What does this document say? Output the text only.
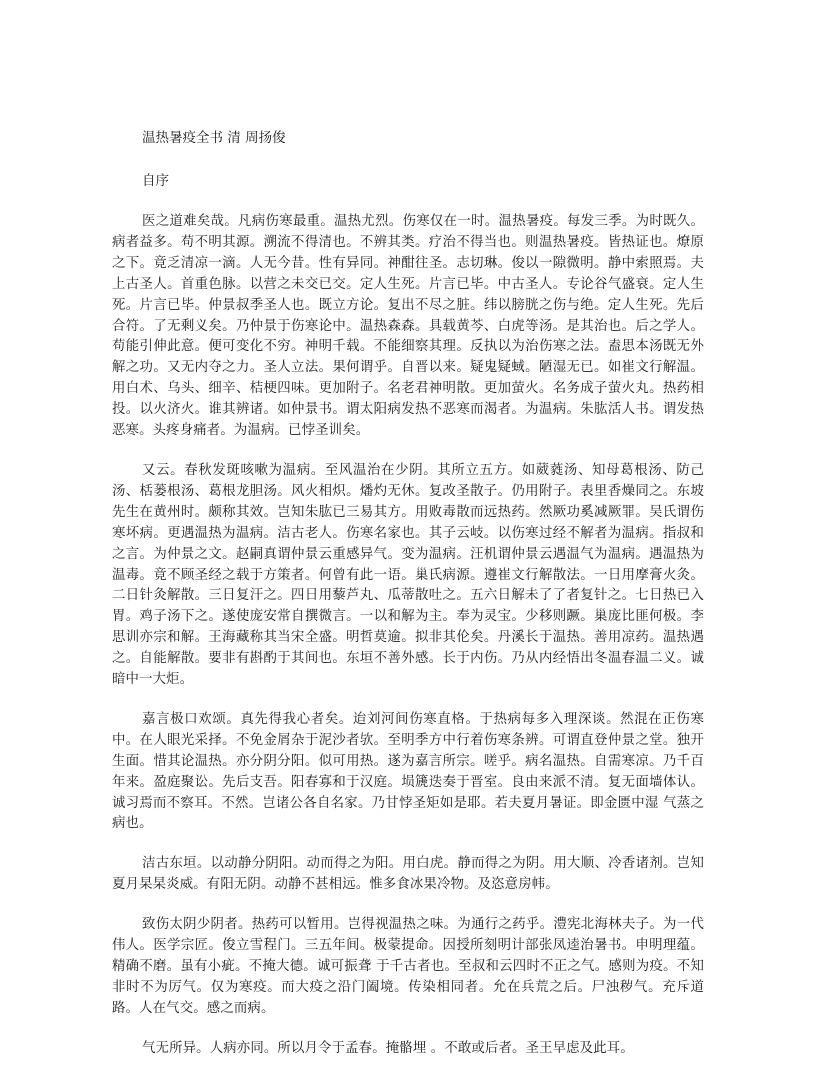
温热暑疫全书 清 周扬俊

自序

医之道难矣哉。凡病伤寒最重。温热尤烈。伤寒仅在一时。温热暑疫。每发三季。为时既久。病者益多。苟不明其源。溯流不得清也。不辨其类。疗治不得当也。则温热暑疫。皆热证也。燎原之下。竟乏清凉一滴。人无今昔。性有异同。神酣往圣。志切琳。俊以一隙微明。静中索照焉。夫上古圣人。首重色脉。以营之未交已交。定人生死。片言已毕。中古圣人。专论谷气盛衰。定人生死。片言已毕。仲景叔季圣人也。既立方论。复出不尽之脏。纬以膀胱之伤与绝。定人生死。先后合符。了无剩义矣。乃仲景于伤寒论中。温热森森。具载黄芩、白虎等汤。是其治也。后之学人。苟能引伸此意。便可变化不穷。神明千载。不能细察其理。反执以为治伤寒之法。盍思本汤既无外解之功。又无内夺之力。圣人立法。果何谓乎。自晋以来。疑鬼疑蜮。陋湿无已。如崔文行解温。用白术、乌头、细辛、桔梗四味。更加附子。名老君神明散。更加萤火。名务成子萤火丸。热药相投。以火济火。谁其辨诸。如仲景书。谓太阳病发热不恶寒而渴者。为温病。朱肱活人书。谓发热恶寒。头疼身痛者。为温病。已悖圣训矣。

又云。春秋发斑咳嗽为温病。至风温治在少阴。其所立五方。如葳蕤汤、知母葛根汤、防己汤、栝蒌根汤、葛根龙胆汤。风火相炽。燔灼无休。复改圣散子。仍用附子。表里香燥同之。东坡先生在黄州时。颇称其效。岂知朱肱已三易其方。用败毒散而远热药。然厥功奚减厥罪。吴氏谓伤寒坏病。更遇温热为温病。洁古老人。伤寒名家也。其子云岐。以伤寒过经不解者为温病。指叔和之言。为仲景之文。赵嗣真谓仲景云重感异气。变为温病。汪机谓仲景云遇温气为温病。遇温热为温毒。竟不顾圣经之载于方策者。何曾有此一语。巢氏病源。遵崔文行解散法。一日用摩膏火灸。二日针灸解散。三日复汗之。四日用藜芦丸、瓜蒂散吐之。五六日解未了了者复针之。七日热已入胃。鸡子汤下之。遂使庞安常自撰微言。一以和解为主。奉为灵宝。少移则蹶。巢庞比匪何极。李思训亦宗和解。王海藏称其当宋全盛。明哲莫逾。拟非其伦矣。丹溪长于温热。善用凉药。温热遇之。自能解散。要非有斟酌于其间也。东垣不善外感。长于内伤。乃从内经悟出冬温春温二义。诚暗中一大炬。

嘉言极口欢颂。真先得我心者矣。迨刘河间伤寒直格。于热病每多入理深谈。然混在正伤寒中。在人眼光采择。不免金屑杂于泥沙者欤。至明季方中行着伤寒条辨。可谓直登仲景之堂。独开生面。惜其论温热。亦分阴分阳。似可用热。遂为嘉言所宗。嗟乎。病名温热。自需寒凉。乃千百年来。盈庭聚讼。先后支吾。阳春寡和于汉庭。埙篪迭奏于晋室。良由来派不清。复无面墙体认。诚习焉而不察耳。不然。岂诸公各自名家。乃甘悖圣矩如是耶。若夫夏月暑证。即金匮中湿 气蒸之病也。

洁古东垣。以动静分阴阳。动而得之为阳。用白虎。静而得之为阴。用大顺、冷香诸剂。岂知夏月杲杲炎威。有阳无阴。动静不甚相远。惟多食冰果冷物。及恣意房帏。

致伤太阴少阴者。热药可以暂用。岂得视温热之味。为通行之药乎。澧宪北海林夫子。为一代伟人。医学宗匠。俊立雪程门。三五年间。极蒙提命。因授所刻明计部张凤逵治暑书。申明理蕴。精确不磨。虽有小疵。不掩大德。诚可振聋 于千古者也。至叔和云四时不正之气。感则为疫。不知非时不为厉气。仅为寒疫。而大疫之沿门阖境。传染相同者。允在兵荒之后。尸浊秽气。充斥道路。人在气交。感之而病。

气无所异。人病亦同。所以月令于孟春。掩骼埋 。不敢或后者。圣王早虑及此耳。
